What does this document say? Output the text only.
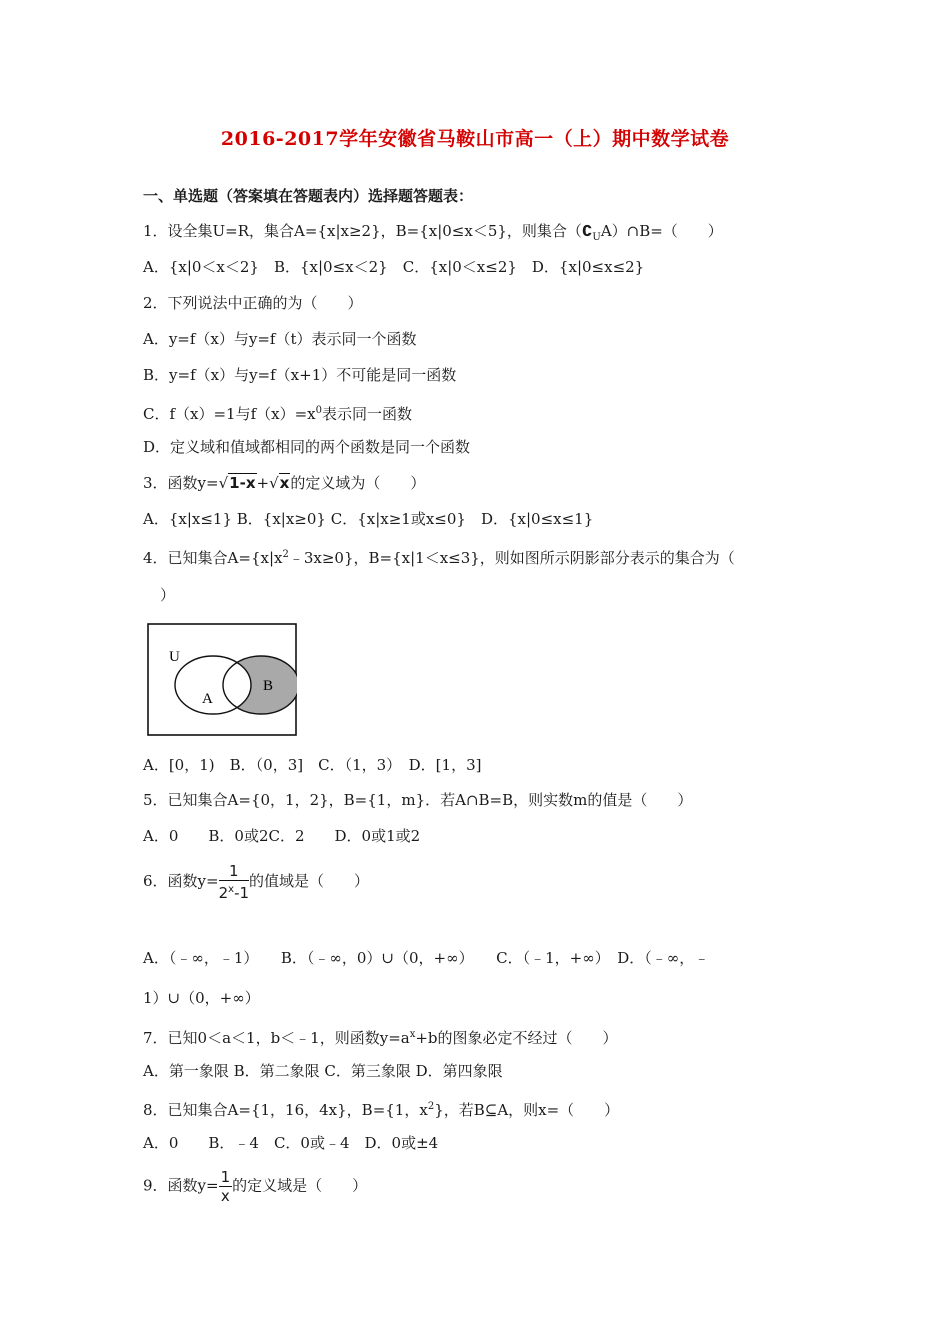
2016-2017学年安徽省马鞍山市高一（上）期中数学试卷
一、单选题（答案填在答题表内）选择题答题表：
1．设全集U=R，集合A={x|x≥2}，B={x|0≤x＜5}，则集合$(∁_UA)\cap B=$（　　）
A．{x|0＜x＜2}　B．{x|0≤x＜2}　C．{x|0＜x≤2}　D．{x|0≤x≤2}
2．下列说法中正确的为（　　）
A．y=f（x）与y=f（t）表示同一个函数
B．y=f（x）与y=f（x+1）不可能是同一函数
C．f（x）=1与$f(x)=x^0$表示同一函数
D．定义域和值域都相同的两个函数是同一个函数
3．函数y=√1-x+√x的定义域为（　　）
A．{x|x≤1} B．{x|x≥0} C．{x|x≥1或x≤0}　D．{x|0≤x≤1}
4．已知集合$A=\{x|x^2﹣3x\ge 0\}$，B={x|1＜x≤3}，则如图所示阴影部分表示的集合为（
）
U
A
B
A．[0，1)　B．（0，3]　C．（1，3）　D．[1，3]
5．已知集合A={0，1，2}，B={1，m}．若A∩B=B，则实数m的值是（　　）
A．0　　B．0或2C．2　　D．0或1或2
6．函数$y= \frac{1}{2^x-1}$ 的值域是（　　）
A．（﹣∞，﹣1）　　B．（﹣∞，0）∪（0，+∞）　　C．（﹣1，+∞）　D．（﹣∞，﹣
1）∪（0，+∞）
7．已知0＜a＜1，b＜﹣1，则函数$y=a^x+b$的图象必定不经过（　　）
A．第一象限 B．第二象限 C．第三象限 D．第四象限
8．已知集合A={1，16，4x}，B={1，$x^2$}，若B⊆A，则x=（　　）
A．0　　B．﹣4　C．0或﹣4　D．0或±4
9．函数$y= \frac{1}{x}$ 的定义域是（　　）
